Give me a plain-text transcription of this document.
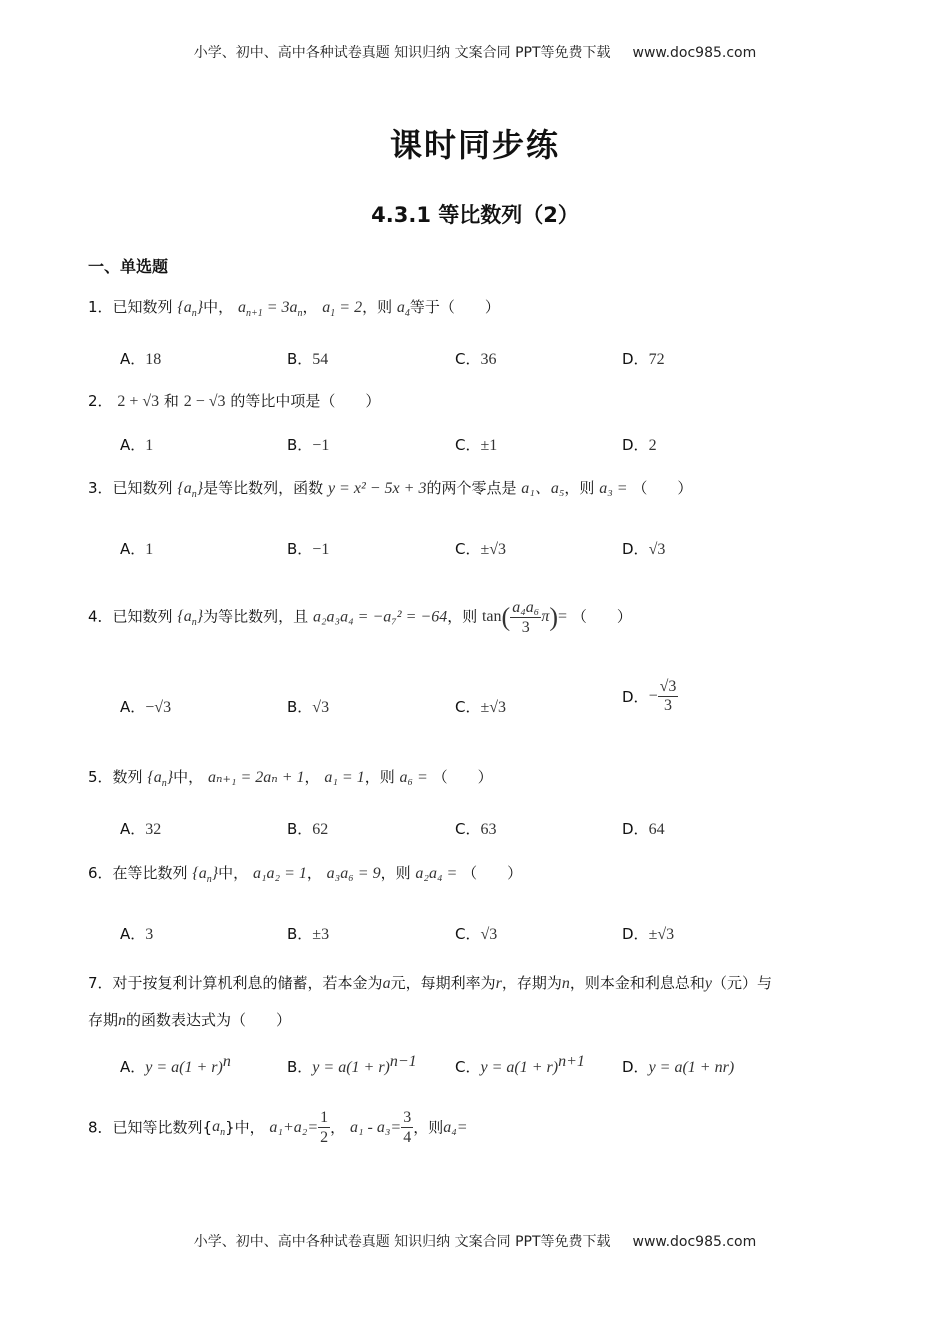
小学、初中、高中各种试卷真题 知识归纳 文案合同 PPT等免费下载 www.doc985.com
课时同步练
4.3.1 等比数列（2）
一、单选题
1．已知数列 $\{a_n\}$中， $a_{n+1} = 3a_n$， $a_1 = 2$，则 $a_4$等于（　　）
A．18	B．54	C．36	D．72
2． 2 + √3 和 2 − √3 的等比中项是（　　）
A．1	B．−1	C．±1	D．2
3．已知数列 $\{a_n\}$是等比数列，函数 y = x² − 5x + 3的两个零点是 a₁、a₅，则 a₃ = （　　）
A．1	B．−1	C．±√3	D．√3
4．已知数列 $\{a_n\}$为等比数列，且 a₂a₃a₄ = −a₇² = −64，则 $\tan( \frac{\text{a₄a₆}}{3} \pi)=$ （　　）
A．−√3	B．√3	C．±√3
D．− $\frac{√3}{3}$
5．数列 $\{a_n\}$中， aₙ₊₁ = 2aₙ + 1， a₁ = 1，则 a₆ = （　　）
A．32	B．62	C．63	D．64
6．在等比数列 $\{a_n\}$中， a₁a₂ = 1， a₃a₆ = 9，则 a₂a₄ = （　　）
A．3	B．±3	C．√3	D．±√3
7．对于按复利计算机利息的储蓄，若本金为a元，每期利率为r，存期为n，则本金和利息总和y（元）与
存期n的函数表达式为（　　）
A．$y = a(1 + r)^n$	B．$y = a(1 + r)^{n-1}$	C．$y = a(1 + r)^{n+1}$ D．y = a(1 + nr)
8．已知等比数列$\{a_n\}$中， $a_1+a_2= \frac{1}{2}$ ， $a_1 - a_3= \frac{3}{4}$ ，则a₄=
小学、初中、高中各种试卷真题 知识归纳 文案合同 PPT等免费下载 www.doc985.com
